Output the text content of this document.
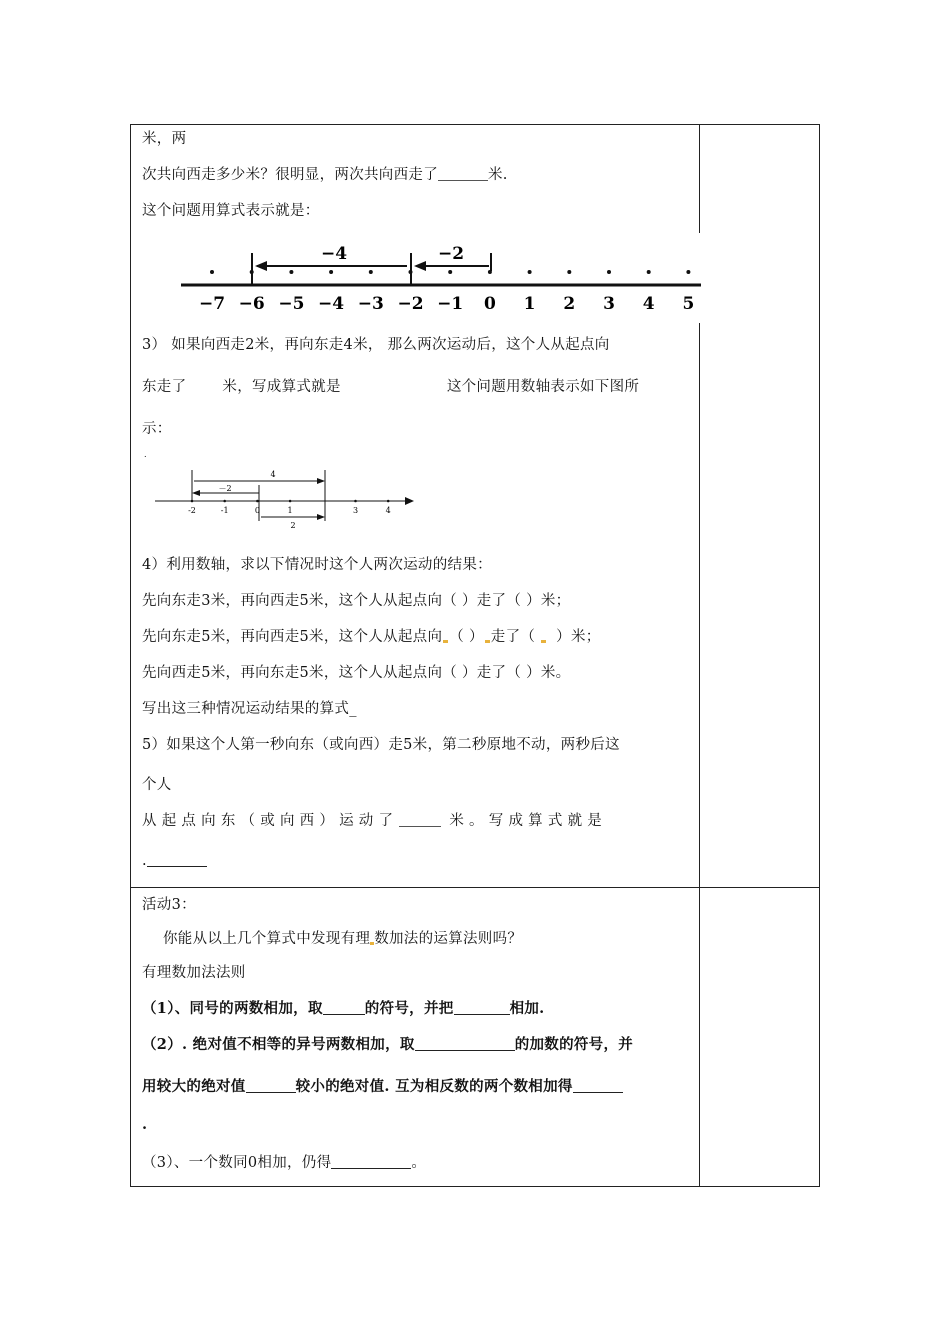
米，两
次共向西走多少米？很明显，两次共向西走了	米.
这个问题用算式表示就是：
−4	−2
−7 −6 −5 −4 −3 −2 −1 0 1 2 3 4 5
3） 如果向西走2米，再向东走4米， 那么两次运动后，这个人从起点向
东走了 米，写成算式就是	这个问题用数轴表示如下图所
示：
.
4
－2
2
-2	-1	0	1	3	4
4）利用数轴，求以下情况时这个人两次运动的结果：
先向东走3米，再向西走5米，这个人从起点向（ ）走了（ ）米；
先向东走5米，再向西走5米，这个人从起点向 （ ） 走了（ ）米；
先向西走5米，再向东走5米，这个人从起点向（ ）走了（ ）米。
写出这三种情况运动结果的算式_
5）如果这个人第一秒向东（或向西）走5米，第二秒原地不动，两秒后这
个人
从 起 点 向 东 （ 或 向 西 ） 运 动 了	米 。 写 成 算 式 就 是
.
活动3：
你能从以上几个算式中发现有理 数加法的运算法则吗？
有理数加法法则
（1）、同号的两数相加，取	的符号，并把	相加.
（2）. 绝对值不相等的异号两数相加，取	的加数的符号，并
用较大的绝对值	较小的绝对值. 互为相反数的两个数相加得
.
（3）、一个数同0相加，仍得	。
